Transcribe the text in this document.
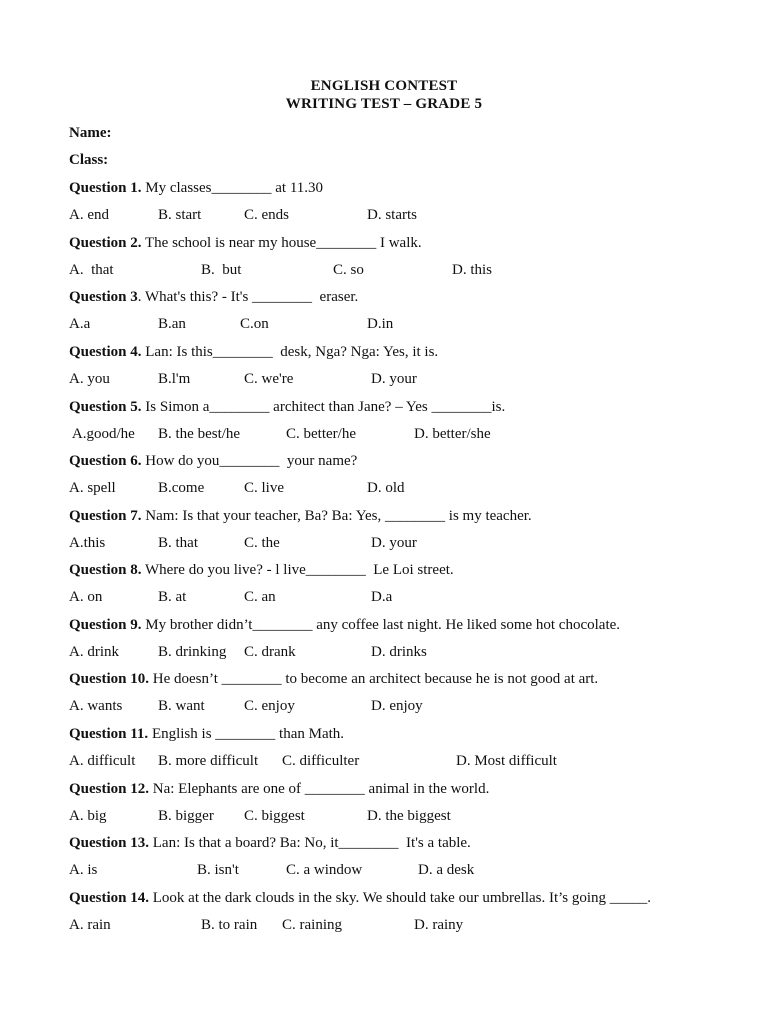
ENGLISH CONTEST
WRITING TEST – GRADE 5
Name:
Class:
Question 1. My classes________ at 11.30
A. end	B. start	C. ends	D. starts
Question 2. The school is near my house________ I walk.
A.  that	B.  but	C. so	D. this
Question 3. What's this? - It's ________  eraser.
A.a	B.an	C.on	D.in
Question 4. Lan: Is this________  desk, Nga? Nga: Yes, it is.
A. you	B.l'm	C. we're	D. your
Question 5. Is Simon a________ architect than Jane? – Yes ________is.
A.good/he B. the best/he	C. better/he	D. better/she
Question 6. How do you________  your name?
A. spell	B.come	C. live	D. old
Question 7. Nam: Is that your teacher, Ba? Ba: Yes, ________ is my teacher.
A.this	B. that	C. the	D. your
Question 8. Where do you live? - l live________  Le Loi street.
A. on	B. at	C. an	D.a
Question 9. My brother didn’t________ any coffee last night. He liked some hot chocolate.
A. drink	B. drinking C. drank	D. drinks
Question 10. He doesn’t ________ to become an architect because he is not good at art.
A. wants B. want	C. enjoy	D. enjoy
Question 11. English is ________ than Math.
A. difficult B. more difficult C. difficulter	D. Most difficult
Question 12. Na: Elephants are one of ________ animal in the world.
A. big	B. bigger C. biggest	D. the biggest
Question 13. Lan: Is that a board? Ba: No, it________  It's a table.
A. is	B. isn't	C. a window	D. a desk
Question 14. Look at the dark clouds in the sky. We should take our umbrellas. It’s going _____.
A. rain	B. to rain C. raining	D. rainy
